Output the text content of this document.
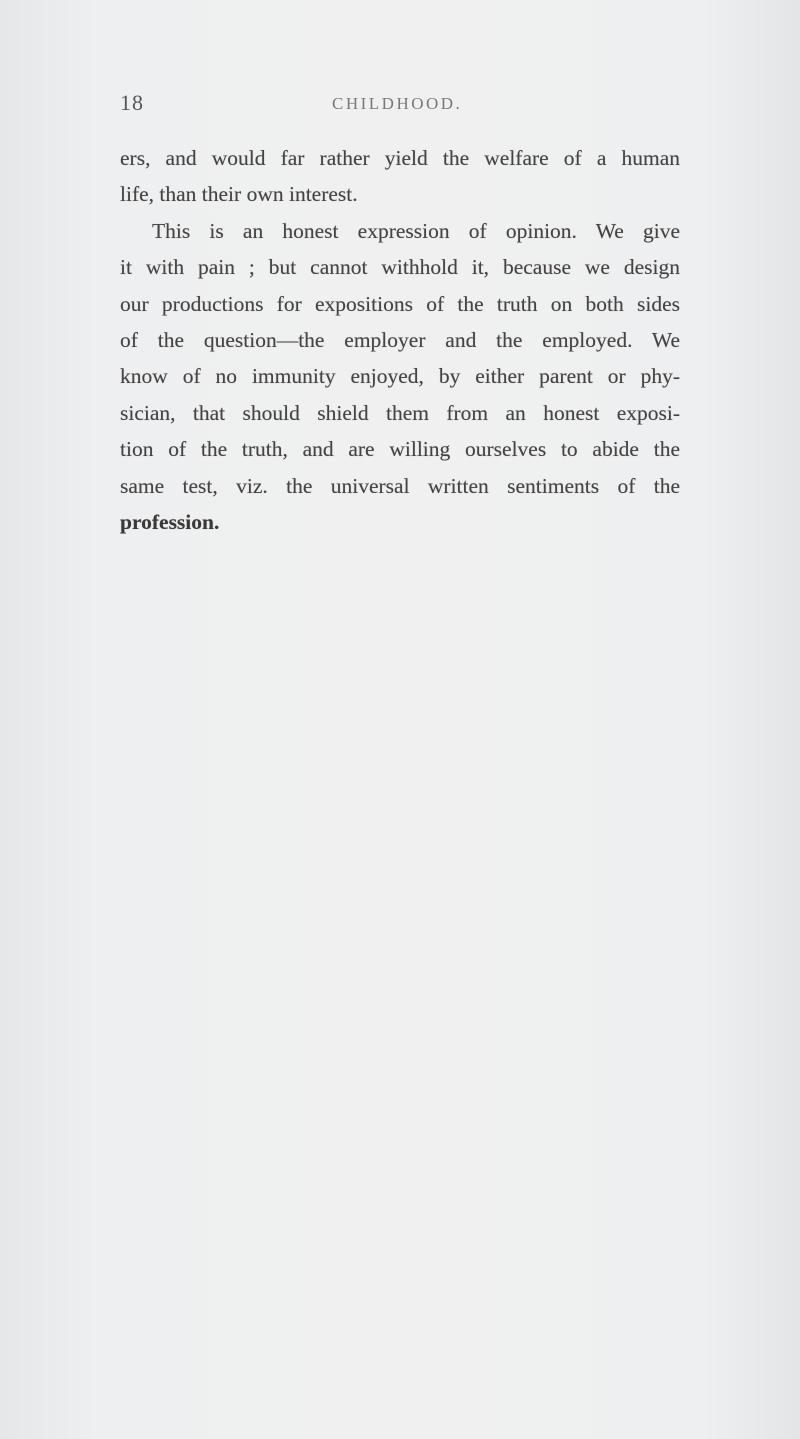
18	CHILDHOOD.
ers, and would far rather yield the welfare of a human
life, than their own interest.
This is an honest expression of opinion. We give
it with pain ; but cannot withhold it, because we design
our productions for expositions of the truth on both sides
of the question—the employer and the employed. We
know of no immunity enjoyed, by either parent or phy-
sician, that should shield them from an honest exposi-
tion of the truth, and are willing ourselves to abide the
same test, viz. the universal written sentiments of the
profession.
